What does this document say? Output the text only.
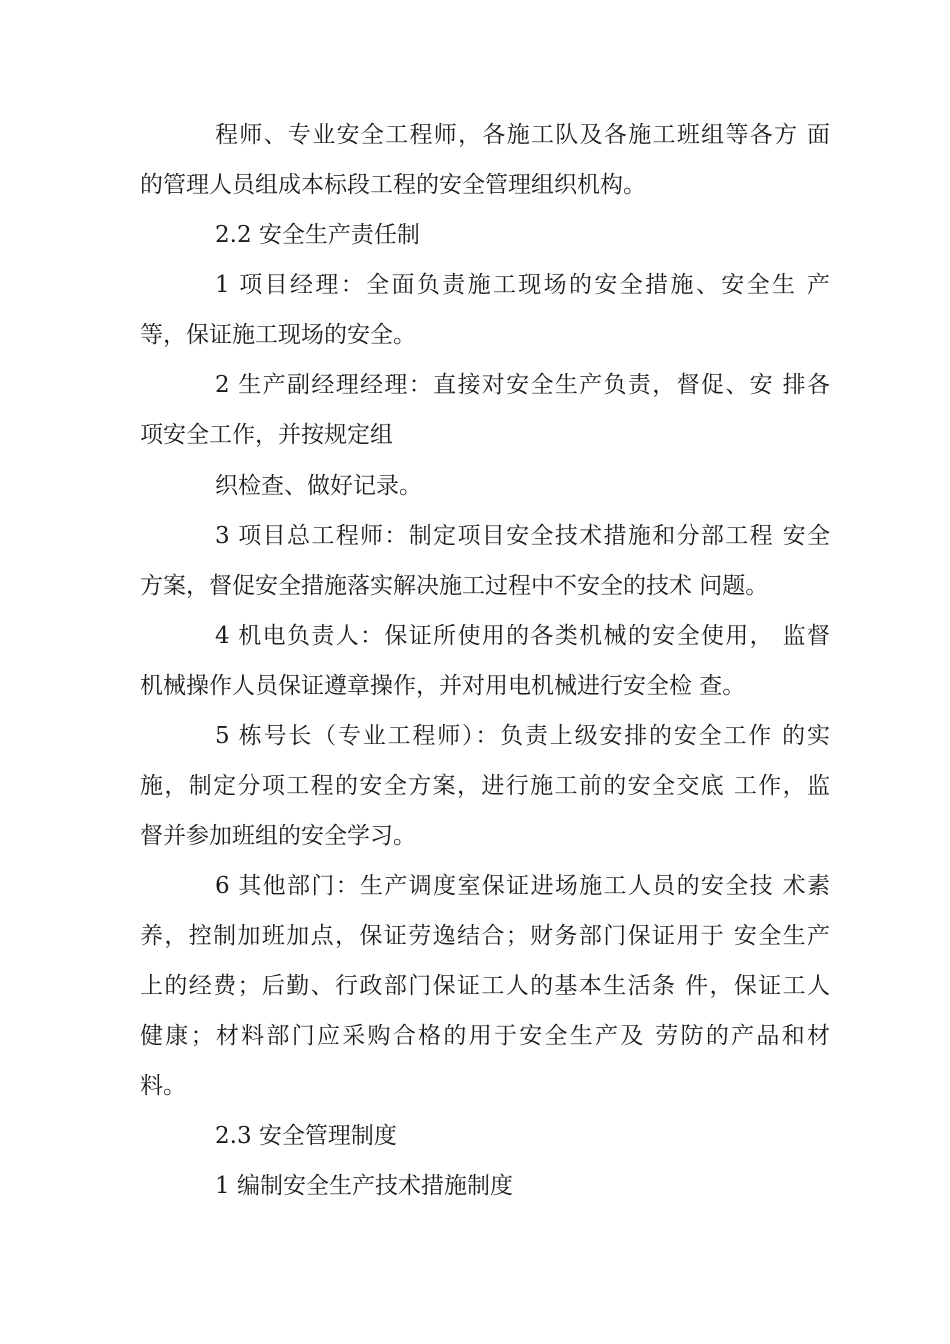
程师、专业安全工程师，各施工队及各施工班组等各方 面
的管理人员组成本标段工程的安全管理组织机构。
2.2 安全生产责任制
1 项目经理：全面负责施工现场的安全措施、安全生 产
等，保证施工现场的安全。
2 生产副经理经理：直接对安全生产负责，督促、安 排各
项安全工作，并按规定组
织检查、做好记录。
3 项目总工程师：制定项目安全技术措施和分部工程 安全
方案，督促安全措施落实解决施工过程中不安全的技术 问题。
4 机电负责人：保证所使用的各类机械的安全使用， 监督
机械操作人员保证遵章操作，并对用电机械进行安全检 查。
5 栋号长（专业工程师）：负责上级安排的安全工作 的实
施，制定分项工程的安全方案，进行施工前的安全交底 工作，监
督并参加班组的安全学习。
6 其他部门：生产调度室保证进场施工人员的安全技 术素
养，控制加班加点，保证劳逸结合；财务部门保证用于 安全生产
上的经费；后勤、行政部门保证工人的基本生活条 件，保证工人
健康；材料部门应采购合格的用于安全生产及 劳防的产品和材
料。
2.3 安全管理制度
1 编制安全生产技术措施制度
